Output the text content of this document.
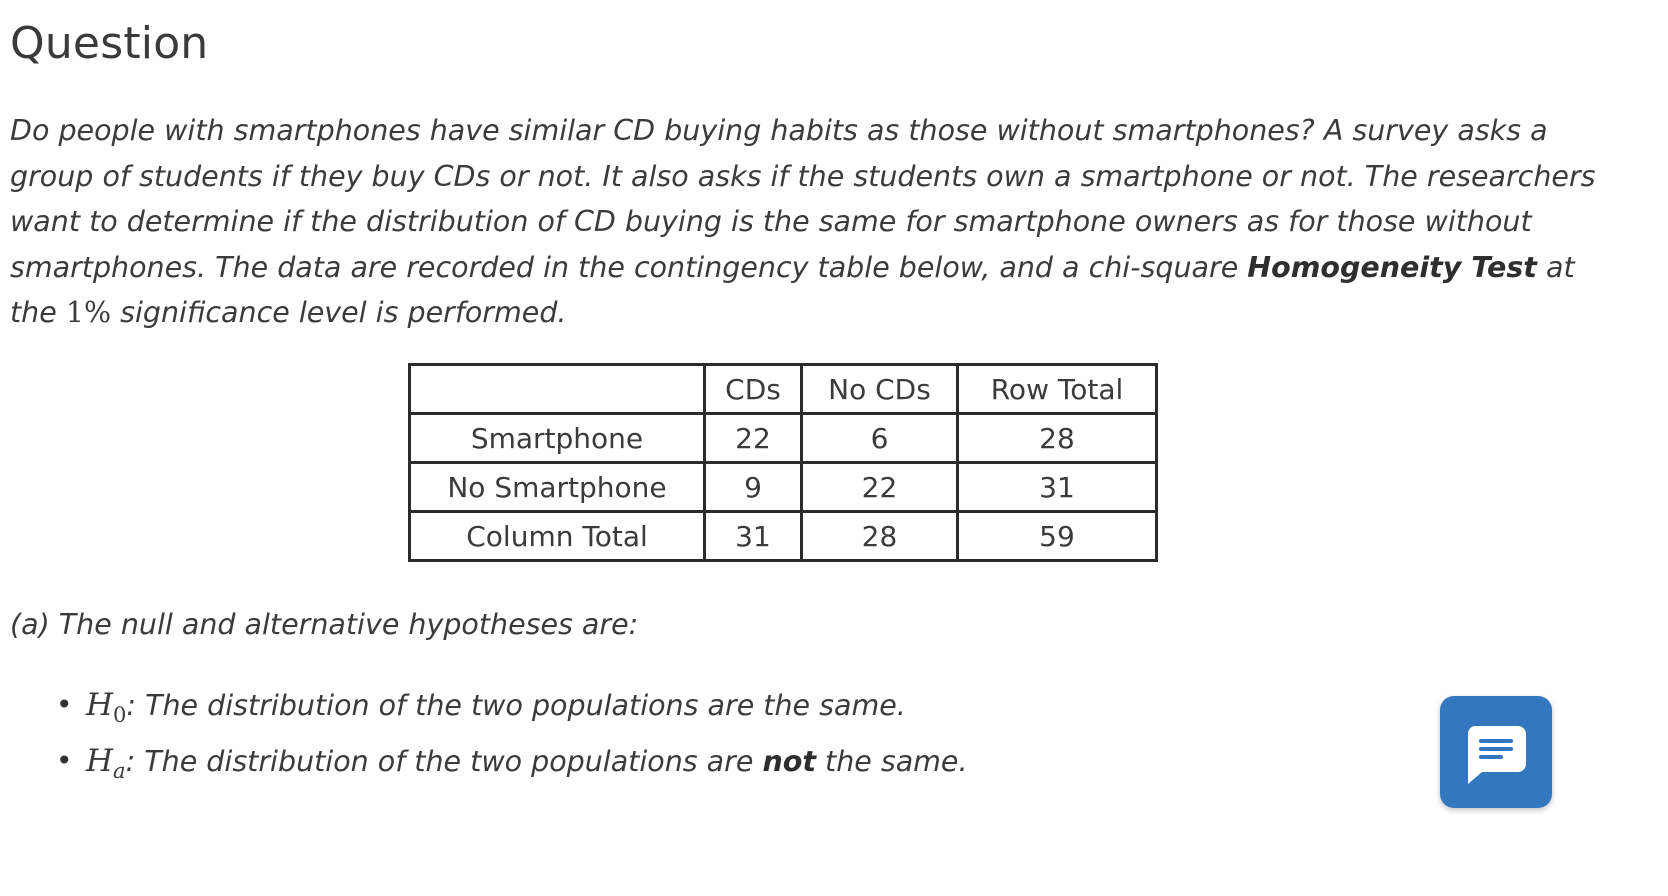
Question

Do people with smartphones have similar CD buying habits as those without smartphones? A survey asks a group of students if they buy CDs or not. It also asks if the students own a smartphone or not. The researchers want to determine if the distribution of CD buying is the same for smartphone owners as for those without smartphones. The data are recorded in the contingency table below, and a chi-square Homogeneity Test at the 1% significance level is performed.

	CDs	No CDs	Row Total
Smartphone	22	6	28
No Smartphone	9	22	31
Column Total	31	28	59

(a) The null and alternative hypotheses are:

• $H_0$: The distribution of the two populations are the same.
• $H_a$: The distribution of the two populations are not the same.
